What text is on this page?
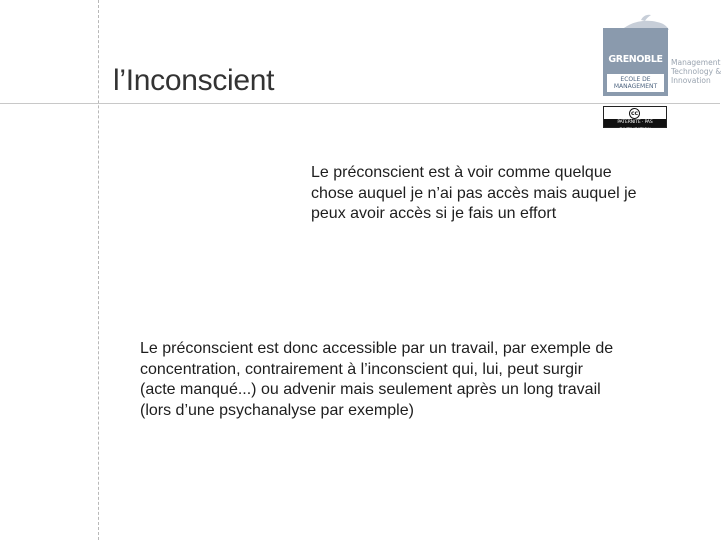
l’Inconscient
GRENOBLE
ECOLE DE
MANAGEMENT
Management
Technology &
Innovation
cc
PATERNITE · PAS D'UTILISATION COMMERCIALE
Le préconscient est à voir comme quelque chose auquel je n’ai pas accès mais auquel je peux avoir accès si je fais un effort
Le préconscient est donc accessible par un travail, par exemple de concentration, contrairement à l’inconscient qui, lui, peut surgir (acte manqué...) ou advenir mais seulement après un long travail (lors d’une psychanalyse par exemple)
